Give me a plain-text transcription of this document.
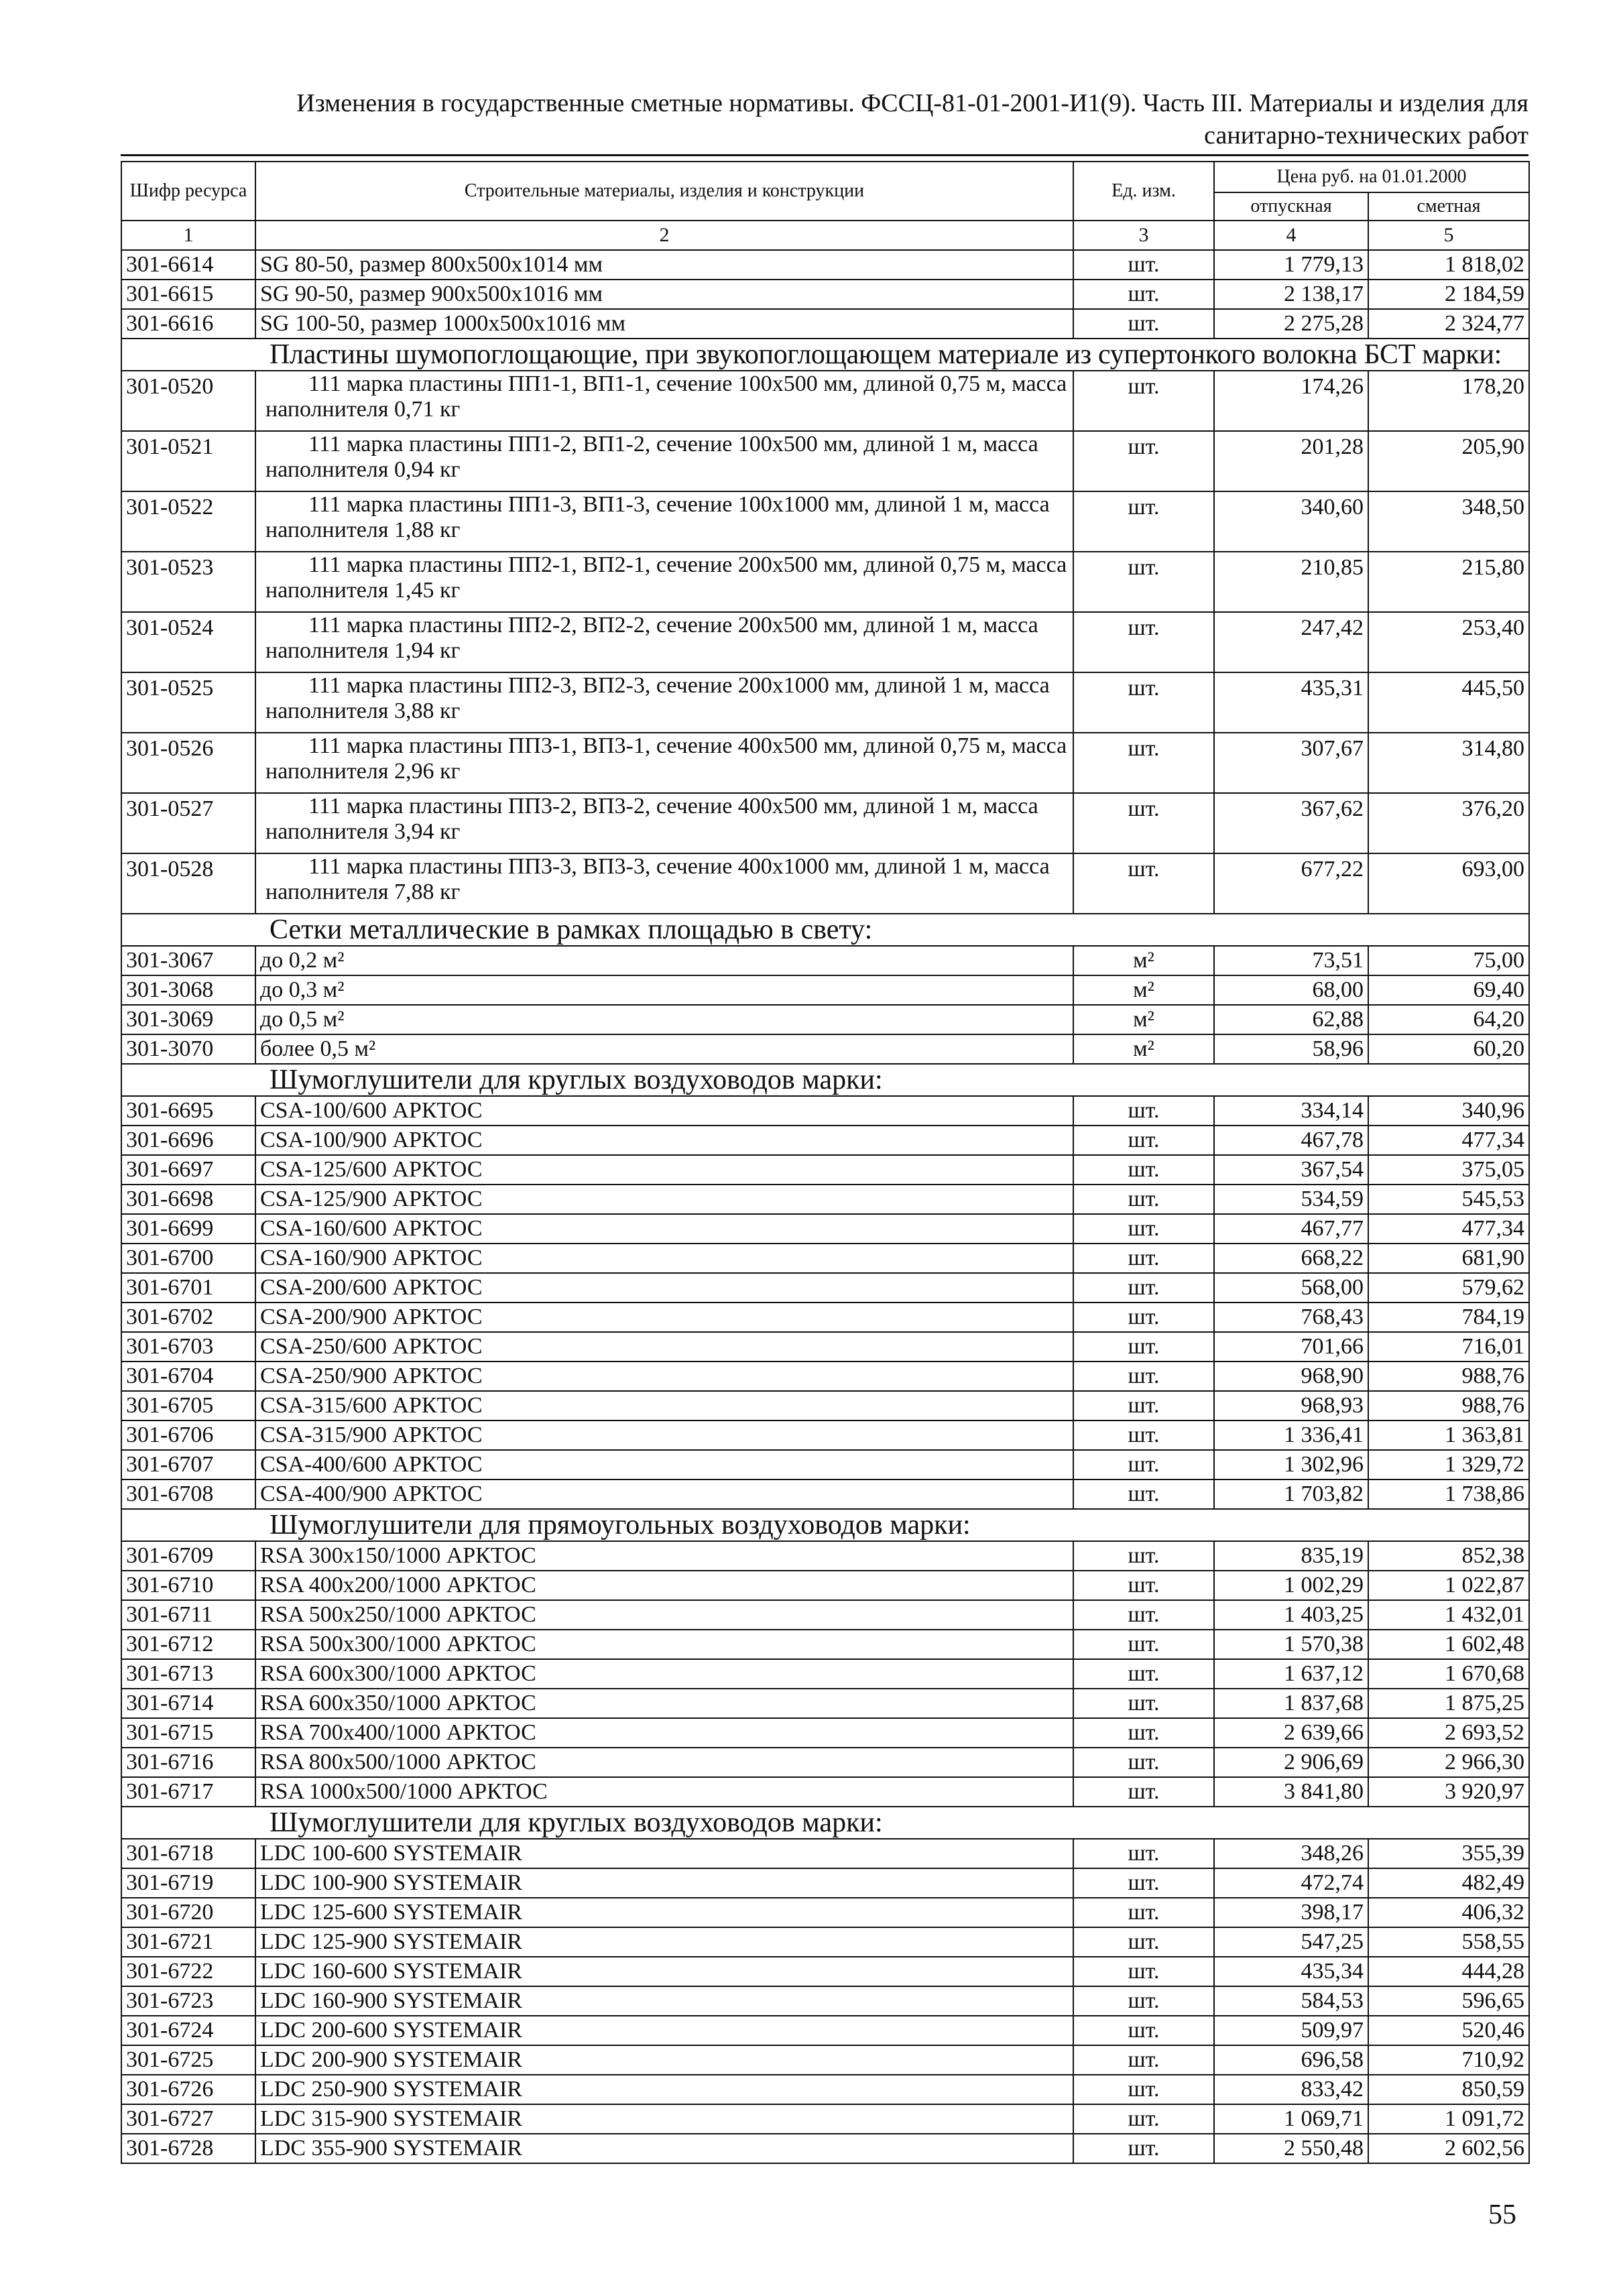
Изменения в государственные сметные нормативы. ФССЦ-81-01-2001-И1(9). Часть III. Материалы и изделия для
санитарно-технических работ
Шифр ресурса	Строительные материалы, изделия и конструкции	Ед. изм.	Цена руб. на 01.01.2000	
			отпускная	сметная
1	2	3	4	5
301-6614	SG 80-50, размер 800x500x1014 мм	шт.	1 779,13	1 818,02
301-6615	SG 90-50, размер 900x500x1016 мм	шт.	2 138,17	2 184,59
301-6616	SG 100-50, размер 1000x500x1016 мм	шт.	2 275,28	2 324,77
Пластины шумопоглощающие, при звукопоглощающем материале из супертонкого волокна БСТ марки:				
301-0520	111 марка пластины ПП1-1, ВП1-1, сечение 100x500 мм, длиной 0,75 м, масса наполнителя 0,71 кг	шт.	174,26	178,20
301-0521	111 марка пластины ПП1-2, ВП1-2, сечение 100x500 мм, длиной 1 м, масса наполнителя 0,94 кг	шт.	201,28	205,90
301-0522	111 марка пластины ПП1-3, ВП1-3, сечение 100x1000 мм, длиной 1 м, масса наполнителя 1,88 кг	шт.	340,60	348,50
301-0523	111 марка пластины ПП2-1, ВП2-1, сечение 200x500 мм, длиной 0,75 м, масса наполнителя 1,45 кг	шт.	210,85	215,80
301-0524	111 марка пластины ПП2-2, ВП2-2, сечение 200x500 мм, длиной 1 м, масса наполнителя 1,94 кг	шт.	247,42	253,40
301-0525	111 марка пластины ПП2-3, ВП2-3, сечение 200x1000 мм, длиной 1 м, масса наполнителя 3,88 кг	шт.	435,31	445,50
301-0526	111 марка пластины ПП3-1, ВП3-1, сечение 400x500 мм, длиной 0,75 м, масса наполнителя 2,96 кг	шт.	307,67	314,80
301-0527	111 марка пластины ПП3-2, ВП3-2, сечение 400x500 мм, длиной 1 м, масса наполнителя 3,94 кг	шт.	367,62	376,20
301-0528	111 марка пластины ПП3-3, ВП3-3, сечение 400x1000 мм, длиной 1 м, масса наполнителя 7,88 кг	шт.	677,22	693,00
Сетки металлические в рамках площадью в свету:				
301-3067	до 0,2 м²	м²	73,51	75,00
301-3068	до 0,3 м²	м²	68,00	69,40
301-3069	до 0,5 м²	м²	62,88	64,20
301-3070	более 0,5 м²	м²	58,96	60,20
Шумоглушители для круглых воздуховодов марки:				
301-6695	CSA-100/600 АРКТОС	шт.	334,14	340,96
301-6696	CSA-100/900 АРКТОС	шт.	467,78	477,34
301-6697	CSA-125/600 АРКТОС	шт.	367,54	375,05
301-6698	CSA-125/900 АРКТОС	шт.	534,59	545,53
301-6699	CSA-160/600 АРКТОС	шт.	467,77	477,34
301-6700	CSA-160/900 АРКТОС	шт.	668,22	681,90
301-6701	CSA-200/600 АРКТОС	шт.	568,00	579,62
301-6702	CSA-200/900 АРКТОС	шт.	768,43	784,19
301-6703	CSA-250/600 АРКТОС	шт.	701,66	716,01
301-6704	CSA-250/900 АРКТОС	шт.	968,90	988,76
301-6705	CSA-315/600 АРКТОС	шт.	968,93	988,76
301-6706	CSA-315/900 АРКТОС	шт.	1 336,41	1 363,81
301-6707	CSA-400/600 АРКТОС	шт.	1 302,96	1 329,72
301-6708	CSA-400/900 АРКТОС	шт.	1 703,82	1 738,86
Шумоглушители для прямоугольных воздуховодов марки:				
301-6709	RSA 300x150/1000 АРКТОС	шт.	835,19	852,38
301-6710	RSA 400x200/1000 АРКТОС	шт.	1 002,29	1 022,87
301-6711	RSA 500x250/1000 АРКТОС	шт.	1 403,25	1 432,01
301-6712	RSA 500x300/1000 АРКТОС	шт.	1 570,38	1 602,48
301-6713	RSA 600x300/1000 АРКТОС	шт.	1 637,12	1 670,68
301-6714	RSA 600x350/1000 АРКТОС	шт.	1 837,68	1 875,25
301-6715	RSA 700x400/1000 АРКТОС	шт.	2 639,66	2 693,52
301-6716	RSA 800x500/1000 АРКТОС	шт.	2 906,69	2 966,30
301-6717	RSA 1000x500/1000 АРКТОС	шт.	3 841,80	3 920,97
Шумоглушители для круглых воздуховодов марки:				
301-6718	LDC 100-600 SYSTEMAIR	шт.	348,26	355,39
301-6719	LDC 100-900 SYSTEMAIR	шт.	472,74	482,49
301-6720	LDC 125-600 SYSTEMAIR	шт.	398,17	406,32
301-6721	LDC 125-900 SYSTEMAIR	шт.	547,25	558,55
301-6722	LDC 160-600 SYSTEMAIR	шт.	435,34	444,28
301-6723	LDC 160-900 SYSTEMAIR	шт.	584,53	596,65
301-6724	LDC 200-600 SYSTEMAIR	шт.	509,97	520,46
301-6725	LDC 200-900 SYSTEMAIR	шт.	696,58	710,92
301-6726	LDC 250-900 SYSTEMAIR	шт.	833,42	850,59
301-6727	LDC 315-900 SYSTEMAIR	шт.	1 069,71	1 091,72
301-6728	LDC 355-900 SYSTEMAIR	шт.	2 550,48	2 602,56
55
